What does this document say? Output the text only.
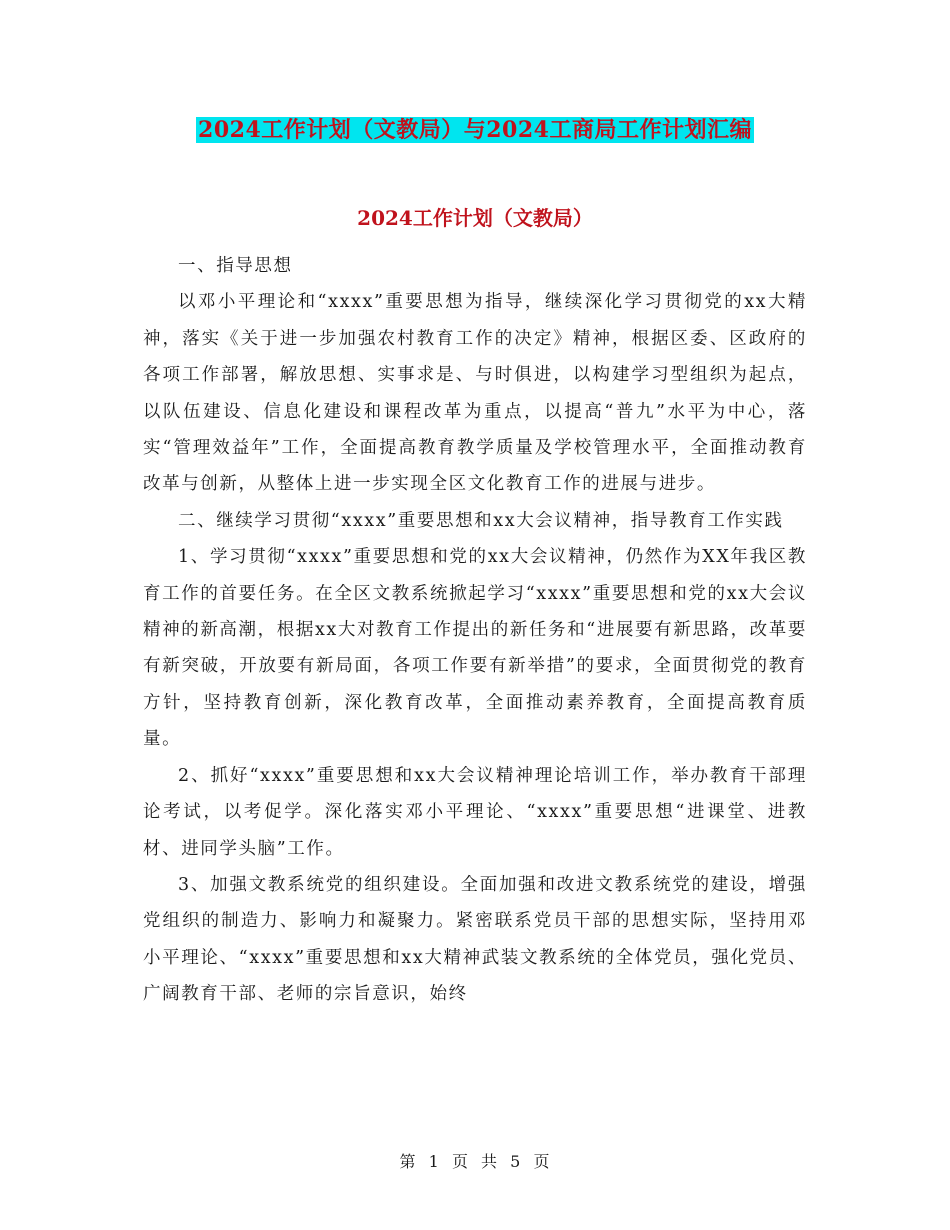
2024工作计划（文教局）与2024工商局工作计划汇编
2024工作计划（文教局）

一、指导思想

以邓小平理论和“xxxx”重要思想为指导，继续深化学习贯彻党的xx大精神，落实《关于进一步加强农村教育工作的决定》精神，根据区委、区政府的各项工作部署，解放思想、实事求是、与时俱进，以构建学习型组织为起点，以队伍建设、信息化建设和课程改革为重点，以提高“普九”水平为中心，落实“管理效益年”工作，全面提高教育教学质量及学校管理水平，全面推动教育改革与创新，从整体上进一步实现全区文化教育工作的进展与进步。

二、继续学习贯彻“xxxx”重要思想和xx大会议精神，指导教育工作实践

1、学习贯彻“xxxx”重要思想和党的xx大会议精神，仍然作为XX年我区教育工作的首要任务。在全区文教系统掀起学习“xxxx”重要思想和党的xx大会议精神的新高潮，根据xx大对教育工作提出的新任务和“进展要有新思路，改革要有新突破，开放要有新局面，各项工作要有新举措”的要求，全面贯彻党的教育方针，坚持教育创新，深化教育改革，全面推动素养教育，全面提高教育质量。

2、抓好“xxxx”重要思想和xx大会议精神理论培训工作，举办教育干部理论考试，以考促学。深化落实邓小平理论、“xxxx”重要思想“进课堂、进教材、进同学头脑”工作。

3、加强文教系统党的组织建设。全面加强和改进文教系统党的建设，增强党组织的制造力、影响力和凝聚力。紧密联系党员干部的思想实际，坚持用邓小平理论、“xxxx”重要思想和xx大精神武装文教系统的全体党员，强化党员、广阔教育干部、老师的宗旨意识，始终

第 1 页 共 5 页
